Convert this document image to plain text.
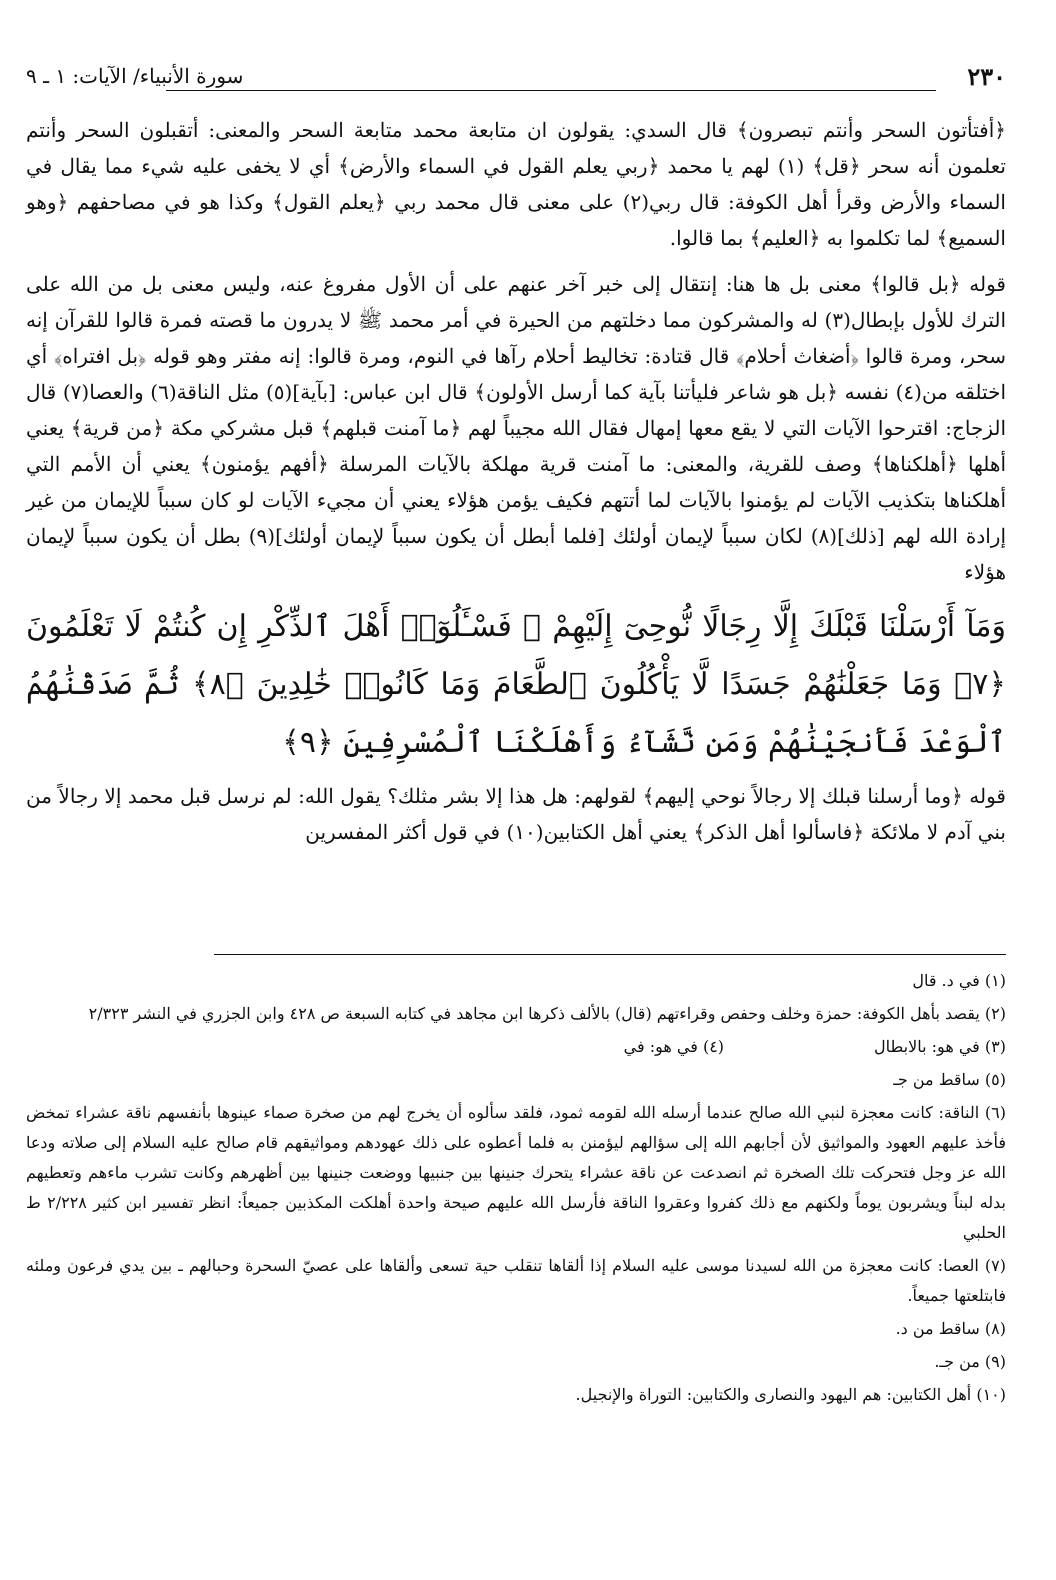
٢٣٠
سورة الأنبياء/ الآيات: ١ ـ ٩

﴿أفتأتون السحر وأنتم تبصرون﴾ قال السدي: يقولون ان متابعة محمد متابعة السحر والمعنى: أتقبلون السحر وأنتم تعلمون أنه سحر ﴿قل﴾ (١) لهم يا محمد ﴿ربي يعلم القول في السماء والأرض﴾ أي لا يخفى عليه شيء مما يقال في السماء والأرض وقرأ أهل الكوفة: قال ربي(٢) على معنى قال محمد ربي ﴿يعلم القول﴾ وكذا هو في مصاحفهم ﴿وهو السميع﴾ لما تكلموا به ﴿العليم﴾ بما قالوا.

قوله ﴿بل قالوا﴾ معنى بل ها هنا: إنتقال إلى خبر آخر عنهم على أن الأول مفروغ عنه، وليس معنى بل من الله على الترك للأول بإبطال(٣) له والمشركون مما دخلتهم من الحيرة في أمر محمد ﷺ لا يدرون ما قصته فمرة قالوا للقرآن إنه سحر، ومرة قالوا ﴿أضغاث أحلام﴾ قال قتادة: تخاليط أحلام رآها في النوم، ومرة قالوا: إنه مفتر وهو قوله ﴿بل افتراه﴾ أي اختلقه من(٤) نفسه ﴿بل هو شاعر فليأتنا بآية كما أرسل الأولون﴾ قال ابن عباس: [بآية](٥) مثل الناقة(٦) والعصا(٧) قال الزجاج: اقترحوا الآيات التي لا يقع معها إمهال فقال الله مجيباً لهم ﴿ما آمنت قبلهم﴾ قبل مشركي مكة ﴿من قرية﴾ يعني أهلها ﴿أهلكناها﴾ وصف للقرية، والمعنى: ما آمنت قرية مهلكة بالآيات المرسلة ﴿أفهم يؤمنون﴾ يعني أن الأمم التي أهلكناها بتكذيب الآيات لم يؤمنوا بالآيات لما أتتهم فكيف يؤمن هؤلاء يعني أن مجيء الآيات لو كان سبباً للإيمان من غير إرادة الله لهم [ذلك](٨) لكان سبباً لإيمان أولئك [فلما أبطل أن يكون سبباً لإيمان أولئك](٩) بطل أن يكون سبباً لإيمان هؤلاء

وَمَآ أَرْسَلْنَا قَبْلَكَ إِلَّا رِجَالًا نُّوحِىٓ إِلَيْهِمْ ۖ فَسْـَٔلُوٓا۟ أَهْلَ ٱلذِّكْرِ إِن كُنتُمْ لَا تَعْلَمُونَ ﴿٧﴾ وَمَا جَعَلْنَٰهُمْ جَسَدًا لَّا يَأْكُلُونَ ٱلطَّعَامَ وَمَا كَانُوا۟ خَٰلِدِينَ ﴿٨﴾ ثُمَّ صَدَقْنَٰهُمُ ٱلْوَعْدَ فَأَنجَيْنَٰهُمْ وَمَن نَّشَآءُ وَأَهْلَكْنَا ٱلْمُسْرِفِينَ ﴿٩﴾

قوله ﴿وما أرسلنا قبلك إلا رجالاً نوحي إليهم﴾ لقولهم: هل هذا إلا بشر مثلك؟ يقول الله: لم نرسل قبل محمد إلا رجالاً من بني آدم لا ملائكة ﴿فاسألوا أهل الذكر﴾ يعني أهل الكتابين(١٠) في قول أكثر المفسرين

(١) في د. قال

(٢) يقصد بأهل الكوفة: حمزة وخلف وحفص وقراءتهم (قال) بالألف ذكرها ابن مجاهد في كتابه السبعة ص ٤٢٨ وابن الجزري في النشر ٢/٣٢٣

(٣) في هو: بالابطال
(٤) في هو: في

(٥) ساقط من جـ

(٦) الناقة: كانت معجزة لنبي الله صالح عندما أرسله الله لقومه ثمود، فلقد سألوه أن يخرج لهم من صخرة صماء عينوها بأنفسهم ناقة عشراء تمخض فأخذ عليهم العهود والمواثيق لأن أجابهم الله إلى سؤالهم ليؤمنن به فلما أعطوه على ذلك عهودهم ومواثيقهم قام صالح عليه السلام إلى صلاته ودعا الله عز وجل فتحركت تلك الصخرة ثم انصدعت عن ناقة عشراء يتحرك جنينها بين جنبيها ووضعت جنينها بين أظهرهم وكانت تشرب ماءهم وتعطيهم بدله لبناً ويشربون يوماً ولكنهم مع ذلك كفروا وعقروا الناقة فأرسل الله عليهم صيحة واحدة أهلكت المكذبين جميعاً: انظر تفسير ابن كثير ٢/٢٢٨ ط الحلبي

(٧) العصا: كانت معجزة من الله لسيدنا موسى عليه السلام إذا ألقاها تنقلب حية تسعى وألقاها على عصيّ السحرة وحبالهم ـ بين يدي فرعون وملئه فابتلعتها جميعاً.

(٨) ساقط من د.

(٩) من جـ.

(١٠) أهل الكتابين: هم اليهود والنصارى والكتابين: التوراة والإنجيل.
